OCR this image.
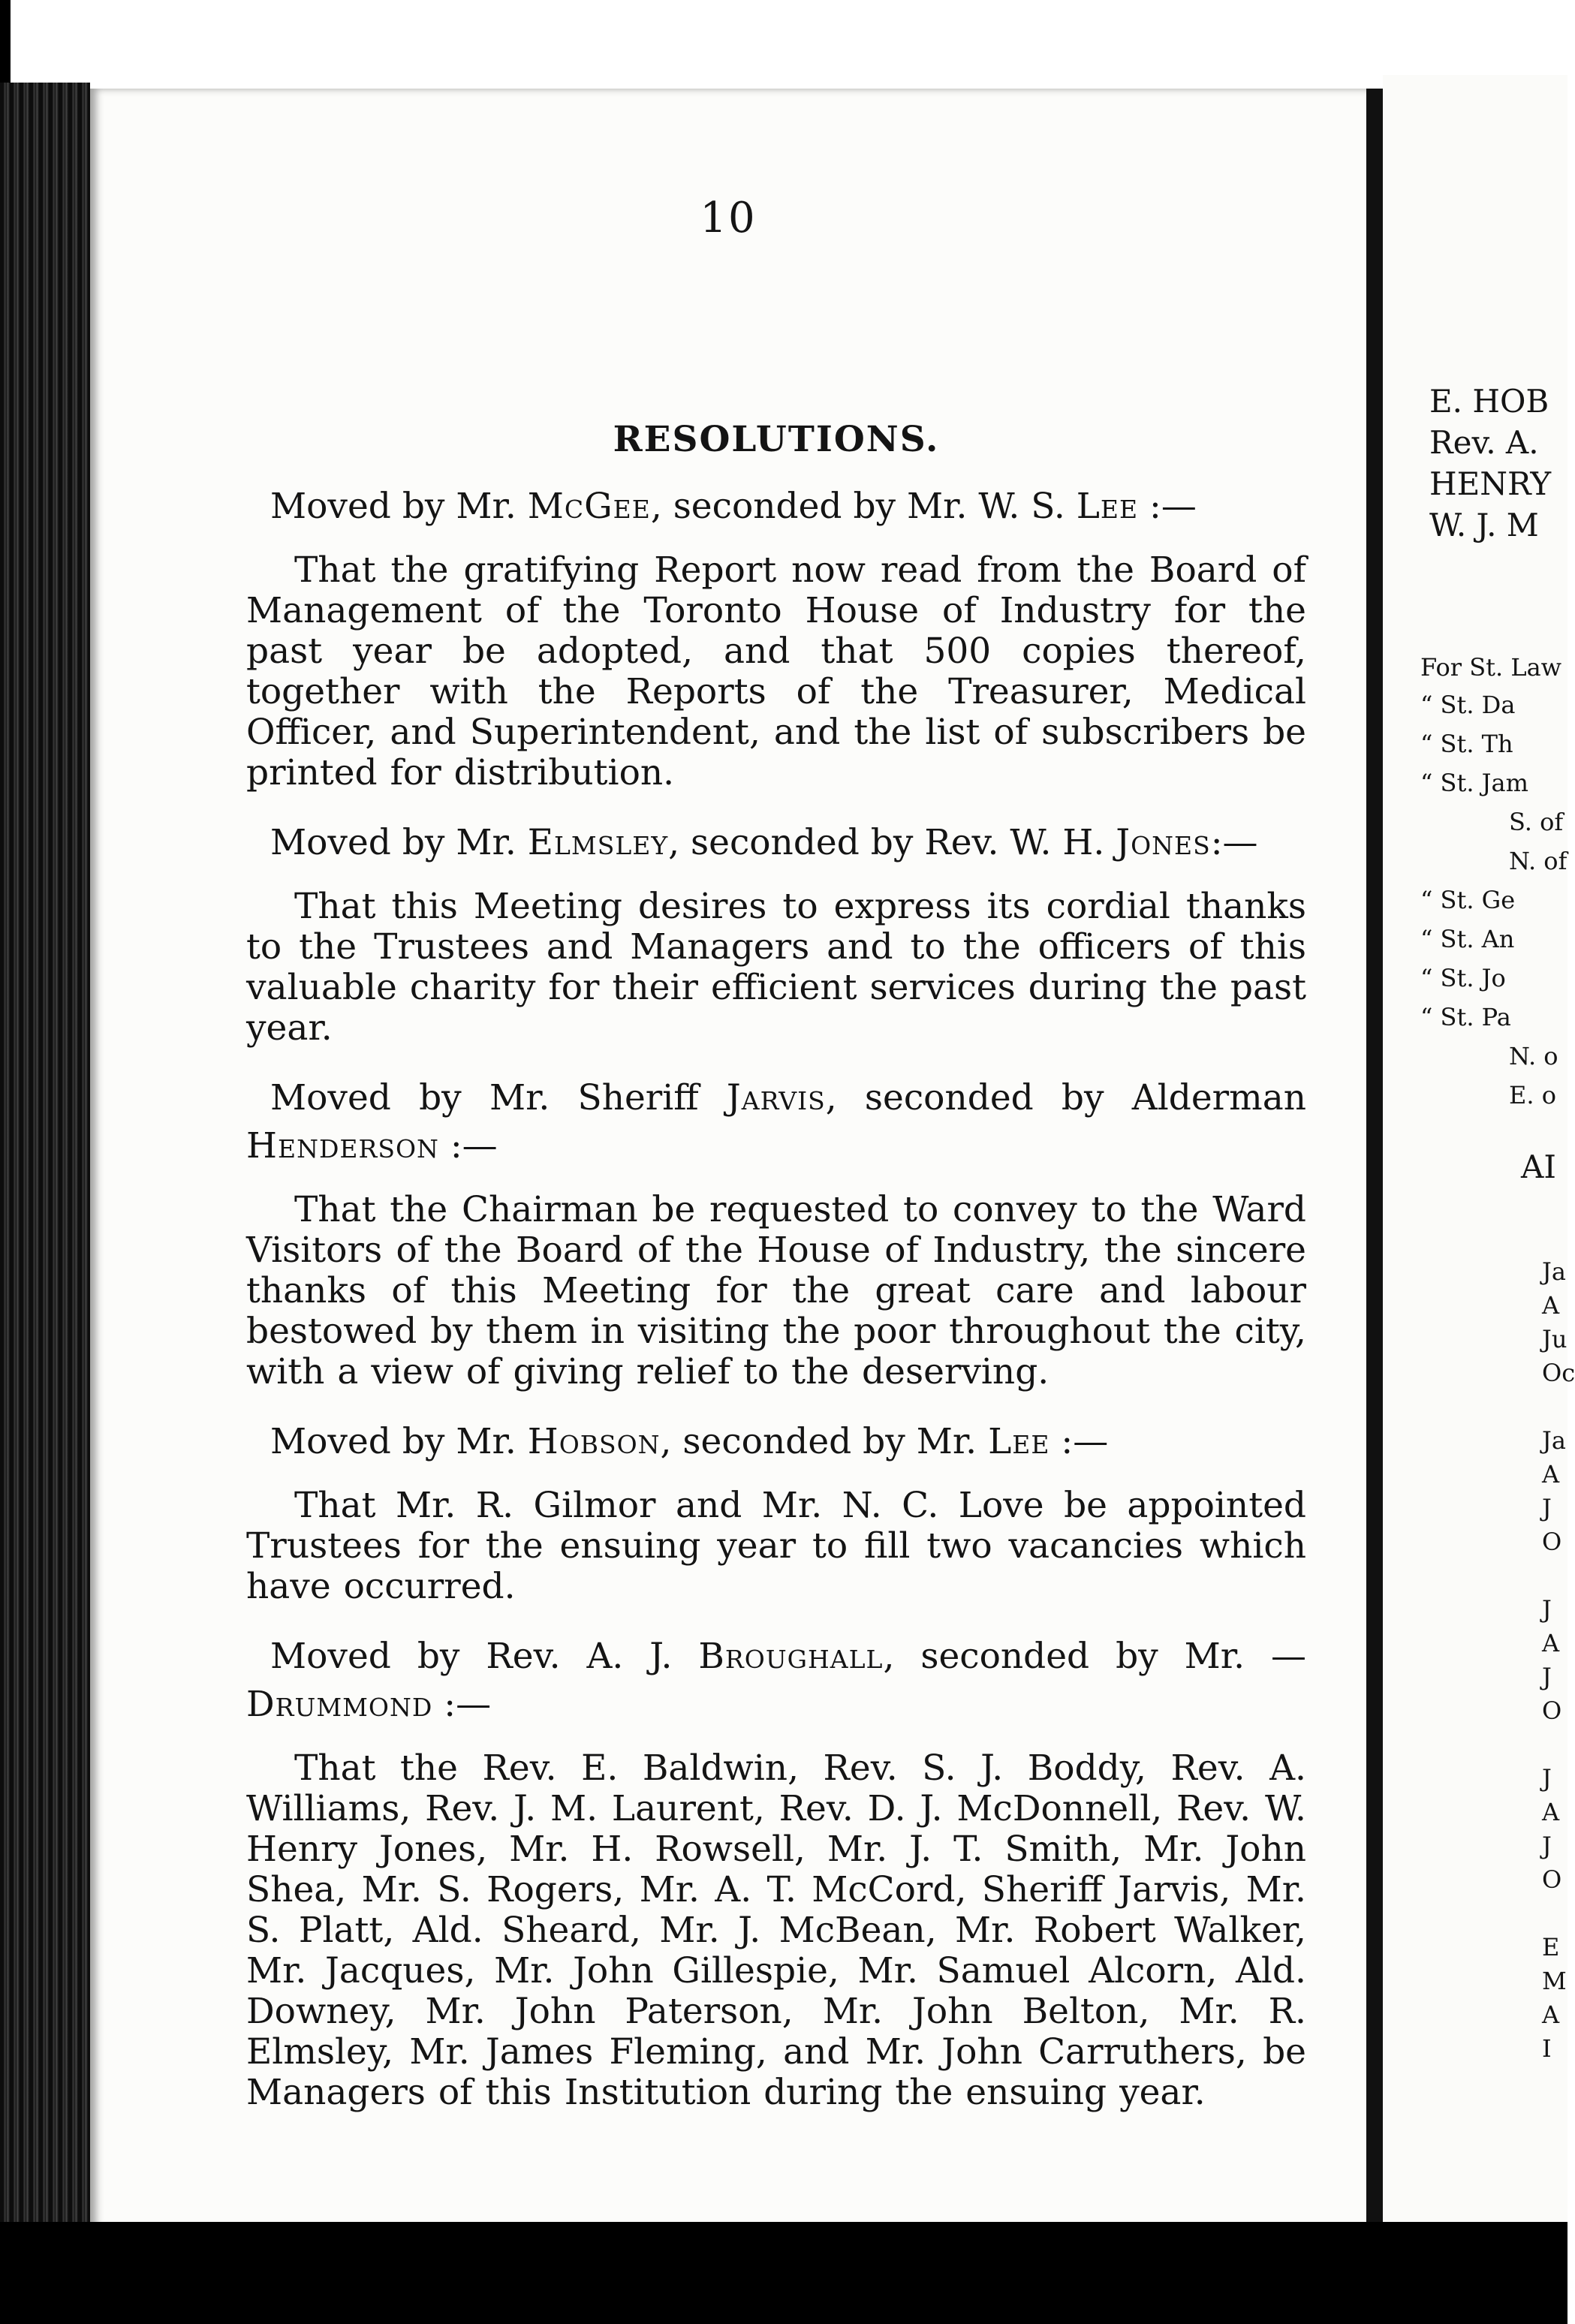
10
RESOLUTIONS.

Moved by Mr. McGee, seconded by Mr. W. S. Lee :—

That the gratifying Report now read from the Board of Management of the Toronto House of Industry for the past year be adopted, and that 500 copies thereof, together with the Reports of the Treasurer, Medical Officer, and Superintendent, and the list of subscribers be printed for distribution.

Moved by Mr. Elmsley, seconded by Rev. W. H. Jones:—

That this Meeting desires to express its cordial thanks to the Trustees and Managers and to the officers of this valuable charity for their efficient services during the past year.

Moved by Mr. Sheriff Jarvis, seconded by Alderman Henderson :—

That the Chairman be requested to convey to the Ward Visitors of the Board of the House of Industry, the sincere thanks of this Meeting for the great care and labour bestowed by them in visiting the poor throughout the city, with a view of giving relief to the deserving.

Moved by Mr. Hobson, seconded by Mr. Lee :—

That Mr. R. Gilmor and Mr. N. C. Love be appointed Trustees for the ensuing year to fill two vacancies which have occurred.

Moved by Rev. A. J. Broughall, seconded by Mr. — Drummond :—

That the Rev. E. Baldwin, Rev. S. J. Boddy, Rev. A. Williams, Rev. J. M. Laurent, Rev. D. J. McDonnell, Rev. W. Henry Jones, Mr. H. Rowsell, Mr. J. T. Smith, Mr. John Shea, Mr. S. Rogers, Mr. A. T. McCord, Sheriff Jarvis, Mr. S. Platt, Ald. Sheard, Mr. J. McBean, Mr. Robert Walker, Mr. Jacques, Mr. John Gillespie, Mr. Samuel Alcorn, Ald. Downey, Mr. John Paterson, Mr. John Belton, Mr. R. Elmsley, Mr. James Fleming, and Mr. John Carruthers, be Managers of this Institution during the ensuing year.

E. HOB
Rev. A.
HENRY
W. J. M
For St. Law
“ St. Da
“ St. Th
“ St. Jam
S. of
N. of
“ St. Ge
“ St. An
“ St. Jo
“ St. Pa
N. o
E. o
AI
Ja
A
Ju
Oc
Ja
A
J
O
J
A
J
O
J
A
J
O
E
M
A
I
